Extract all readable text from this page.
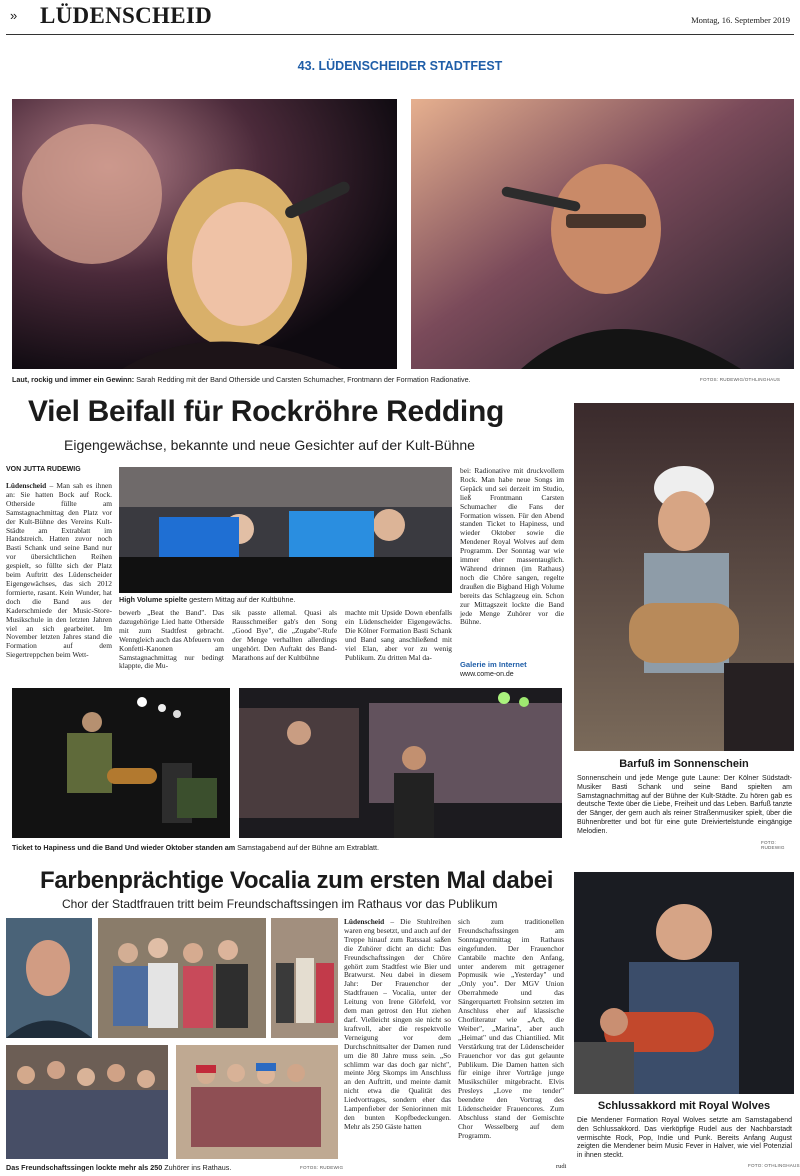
» LÜDENSCHEID	Montag, 16. September 2019
43. LÜDENSCHEIDER STADTFEST
Laut, rockig und immer ein Gewinn: Sarah Redding mit der Band Otherside und Carsten Schumacher, Frontmann der Formation Radionative.	FOTOS: RUDEWIG/OTHLINGHAUS
Viel Beifall für Rockröhre Redding
Eigengewächse, bekannte und neue Gesichter auf der Kult-Bühne
VON JUTTA RUDEWIG
Lüdenscheid – Man sah es ihnen an: Sie hatten Bock auf Rock. Otherside füllte am Samstagnachmittag den Platz vor der Kult-Bühne des Vereins Kult-Städte am Extrablatt im Handstreich. Hatten zuvor noch Basti Schank und seine Band nur vor übersichtlichen Reihen gespielt, so füllte sich der Platz beim Auftritt des Lüdenscheider Eigengewächses, das sich 2012 formierte, rasant. Kein Wunder, hat doch die Band aus der Kaderschmiede der Music-Store-Musikschule in den letzten Jahren viel an sich gearbeitet. Im November letzten Jahres stand die Formation auf dem Siegertreppchen beim Wett-
High Volume spielte gestern Mittag auf der Kultbühne.
bewerb „Beat the Band". Das dazugehörige Lied hatte Otherside mit zum Stadtfest gebracht. Wenngleich auch das Abfeuern von Konfetti-Kanonen am Samstagnachmittag nur bedingt klappte, die Mu-
sik passte allemal. Quasi als Rausschmeißer gab's den Song „Good Bye", die „Zugabe"-Rufe der Menge verhallten allerdings ungehört. Den Auftakt des Band-Marathons auf der Kultbühne
machte mit Upside Down ebenfalls ein Lüdenscheider Eigengewächs. Die Kölner Formation Basti Schank und Band sang anschließend mit viel Elan, aber vor zu wenig Publikum. Zu dritten Mal da-
bei: Radionative mit druckvollem Rock. Man habe neue Songs im Gepäck und sei derzeit im Studio, ließ Frontmann Carsten Schumacher die Fans der Formation wissen. Für den Abend standen Ticket to Hapiness, und wieder Oktober sowie die Mendener Royal Wolves auf dem Programm. Der Sonntag war wie immer eher massentauglich. Während drinnen (im Rathaus) noch die Chöre sangen, regelte draußen die Bigband High Volume bereits das Schlagzeug ein. Schon zur Mittagszeit lockte die Band jede Menge Zuhörer vor die Bühne.
Galerie im Internet
www.come-on.de
Ticket to Hapiness und die Band Und wieder Oktober standen am Samstagabend auf der Bühne am Extrablatt.
Barfuß im Sonnenschein
Sonnenschein und jede Menge gute Laune: Der Kölner Südstadt-Musiker Basti Schank und seine Band spielten am Samstagnachmittag auf der Bühne der Kult-Städte. Zu hören gab es deutsche Texte über die Liebe, Freiheit und das Leben. Barfuß tanzte der Sänger, der gern auch als reiner Straßenmusiker spielt, über die Bühnenbretter und bot für eine gute Dreiviertelstunde eingängige Melodien.
FOTO: RUDEWIG
Farbenprächtige Vocalia zum ersten Mal dabei
Chor der Stadtfrauen tritt beim Freundschaftssingen im Rathaus vor das Publikum
Das Freundschaftssingen lockte mehr als 250 Zuhörer ins Rathaus.	FOTOS: RUDEWIG
Lüdenscheid – Die Stuhlreihen waren eng besetzt, und auch auf der Treppe hinauf zum Ratssaal saßen die Zuhörer dicht an dicht: Das Freundschaftssingen der Chöre gehört zum Stadtfest wie Bier und Bratwurst. Neu dabei in diesem Jahr: Der Frauenchor der Stadtfrauen – Vocalia, unter der Leitung von Irene Glörfeld, vor dem man getrost den Hut ziehen darf. Vielleicht singen sie nicht so kraftvoll, aber die respektvolle Verneigung vor dem Durchschnittsalter der Damen rund um die 80 Jahre muss sein. „So schlimm war das doch gar nicht", meinte Jörg Skomps im Anschluss an den Auftritt, und meinte damit nicht etwa die Qualität des Liedvortrages, sondern eher das Lampenfieber der Seniorinnen mit den bunten Kopfbedeckungen. Mehr als 250 Gäste hatten
sich zum traditionellen Freundschaftssingen am Sonntagvormittag im Rathaus eingefunden. Der Frauenchor Cantabile machte den Anfang, unter anderem mit getragener Popmusik wie „Yesterday" und „Only you". Der MGV Union Oberrahmede und das Sängerquartett Frohsinn setzten im Anschluss eher auf klassische Chorliteratur wie „Ach, die Weiber", „Marina", aber auch „Heimat" und das Chiantilied. Mit Verstärkung trat der Lüdenscheider Frauenchor vor das gut gelaunte Publikum. Die Damen hatten sich für einige ihrer Vorträge junge Musikschüler mitgebracht. Elvis Presleys „Love me tender" beendete den Vortrag des Lüdenscheider Frauencores. Zum Abschluss stand der Gemischte Chor Wesselberg auf dem Programm.
rudi
Schlussakkord mit Royal Wolves
Die Mendener Formation Royal Wolves setzte am Samstagabend den Schlussakkord. Das vierköpfige Rudel aus der Nachbarstadt vermischte Rock, Pop, Indie und Punk. Bereits Anfang August zeigten die Mendener beim Music Fever in Halver, wie viel Potenzial in ihnen steckt.
FOTO: OTHLINGHAUS
